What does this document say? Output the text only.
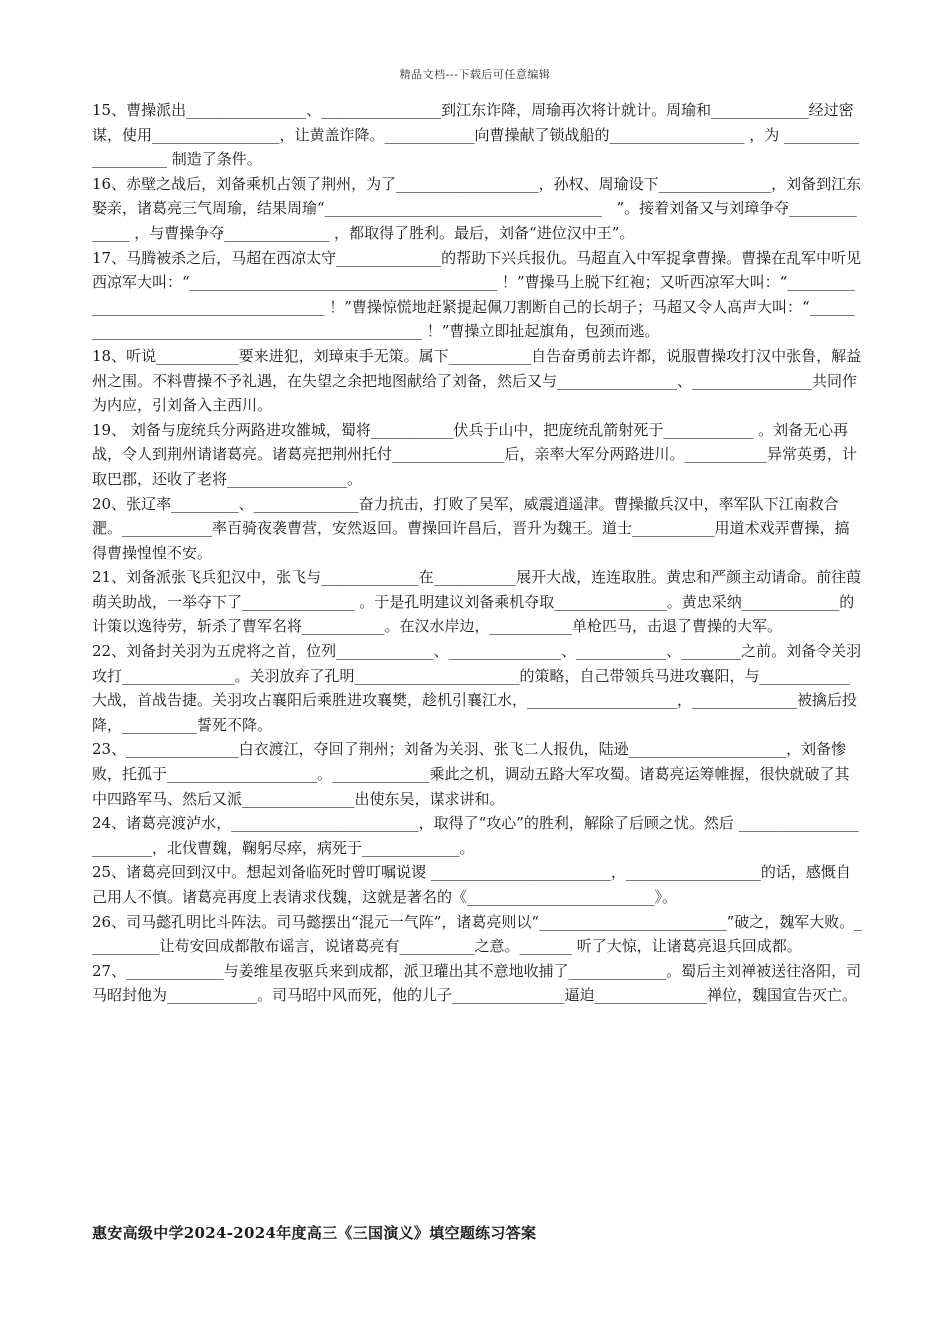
精品文档---下载后可任意编辑

15、曹操派出________________、________________到江东诈降，周瑜再次将计就计。周瑜和_____________经过密谋，使用_________________，让黄盖诈降。____________向曹操献了锁战船的__________________ ，为 ____________________ 制造了条件。

16、赤壁之战后，刘备乘机占领了荆州，为了___________________，孙权、周瑜设下_______________，刘备到江东娶亲，诸葛亮三气周瑜，结果周瑜“_____________________________________   ”。接着刘备又与刘璋争夺______________ ，与曹操争夺______________ ，都取得了胜利。最后，刘备“进位汉中王”。

17、马腾被杀之后，马超在西凉太守______________的帮助下兴兵报仇。马超直入中军捉拿曹操。曹操在乱军中听见西凉军大叫：“_________________________________________ ！”曹操马上脱下红袍；又听西凉军大叫：“________________________________________ ！”曹操惊慌地赶紧提起佩刀割断自己的长胡子；马超又令人高声大叫：“__________________________________________________ ！”曹操立即扯起旗角，包颈而逃。

18、听说___________要来进犯，刘璋束手无策。属下___________自告奋勇前去许都，说服曹操攻打汉中张鲁，解益州之围。不料曹操不予礼遇，在失望之余把地图献给了刘备，然后又与________________、________________共同作为内应，引刘备入主西川。

19、 刘备与庞统兵分两路进攻雒城，蜀将___________伏兵于山中，把庞统乱箭射死于____________ 。刘备无心再战，令人到荆州请诸葛亮。诸葛亮把荆州托付_______________后，亲率大军分两路进川。___________异常英勇，计取巴郡，还收了老将________________。

20、张辽率_________、______________奋力抗击，打败了吴军，威震逍遥津。曹操撤兵汉中，率军队下江南救合淝。____________率百骑夜袭曹营，安然返回。曹操回许昌后，晋升为魏王。道士___________用道术戏弄曹操，搞得曹操惶惶不安。

21、刘备派张飞兵犯汉中，张飞与_____________在___________展开大战，连连取胜。黄忠和严颜主动请命。前往葭萌关助战，一举夺下了_______________ 。于是孔明建议刘备乘机夺取_______________。黄忠采纳_____________的计策以逸待劳，斩杀了曹军名将___________。在汉水岸边，___________单枪匹马，击退了曹操的大军。

22、刘备封关羽为五虎将之首，位列_____________、_______________、____________、________之前。刘备令关羽攻打_______________。关羽放弃了孔明______________________的策略，自己带领兵马进攻襄阳，与____________大战，首战告捷。关羽攻占襄阳后乘胜进攻襄樊，趁机引襄江水，____________________，______________被擒后投降，__________誓死不降。

23、_______________白衣渡江，夺回了荆州；刘备为关羽、张飞二人报仇，陆逊_____________________，刘备惨败，托孤于____________________。_____________乘此之机，调动五路大军攻蜀。诸葛亮运筹帷握，很快就破了其中四路军马、然后又派_______________出使东吴，谋求讲和。

24、诸葛亮渡泸水，_________________________，取得了“攻心”的胜利，解除了后顾之忧。然后 ________________________，北伐曹魏，鞠躬尽瘁，病死于_____________。

25、诸葛亮回到汉中。想起刘备临死时曾叮嘱说谡 ________________________，__________________的话，感慨自己用人不慎。诸葛亮再度上表请求伐魏，这就是著名的《_________________________》。

26、司马懿孔明比斗阵法。司马懿摆出“混元一气阵”，诸葛亮则以“_________________________”破之，魏军大败。__________让苟安回成都散布谣言，说诸葛亮有__________之意。_______ 听了大惊，让诸葛亮退兵回成都。

27、_____________与姜维星夜驱兵来到成都，派卫瓘出其不意地收捕了_____________。蜀后主刘禅被送往洛阳，司马昭封他为____________。司马昭中风而死，他的儿子_______________逼迫_______________禅位，魏国宣告灭亡。

惠安高级中学2024-2024年度高三《三国演义》填空题练习答案
